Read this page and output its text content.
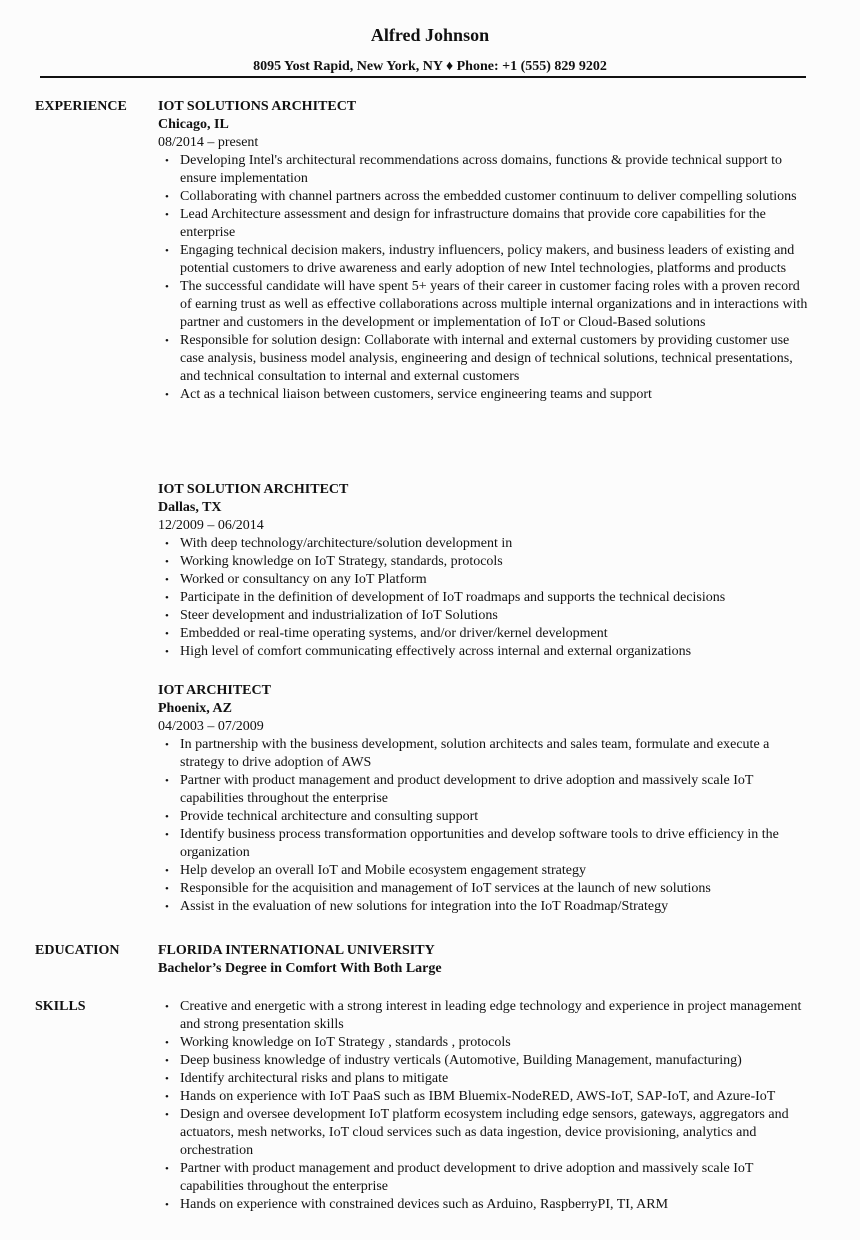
Alfred Johnson
8095 Yost Rapid, New York, NY ♦ Phone: +1 (555) 829 9202
EXPERIENCE
EDUCATION
SKILLS
IOT SOLUTIONS ARCHITECT
Chicago, IL
08/2014 – present
• Developing Intel's architectural recommendations across domains, functions & provide technical support to ensure implementation
• Collaborating with channel partners across the embedded customer continuum to deliver compelling solutions
• Lead Architecture assessment and design for infrastructure domains that provide core capabilities for the enterprise
• Engaging technical decision makers, industry influencers, policy makers, and business leaders of existing and potential customers to drive awareness and early adoption of new Intel technologies, platforms and products
• The successful candidate will have spent 5+ years of their career in customer facing roles with a proven record of earning trust as well as effective collaborations across multiple internal organizations and in interactions with partner and customers in the development or implementation of IoT or Cloud-Based solutions
• Responsible for solution design: Collaborate with internal and external customers by providing customer use case analysis, business model analysis, engineering and design of technical solutions, technical presentations, and technical consultation to internal and external customers
• Act as a technical liaison between customers, service engineering teams and support
IOT SOLUTION ARCHITECT
Dallas, TX
12/2009 – 06/2014
• With deep technology/architecture/solution development in
• Working knowledge on IoT Strategy, standards, protocols
• Worked or consultancy on any IoT Platform
• Participate in the definition of development of IoT roadmaps and supports the technical decisions
• Steer development and industrialization of IoT Solutions
• Embedded or real-time operating systems, and/or driver/kernel development
• High level of comfort communicating effectively across internal and external organizations
IOT ARCHITECT
Phoenix, AZ
04/2003 – 07/2009
• In partnership with the business development, solution architects and sales team, formulate and execute a strategy to drive adoption of AWS
• Partner with product management and product development to drive adoption and massively scale IoT capabilities throughout the enterprise
• Provide technical architecture and consulting support
• Identify business process transformation opportunities and develop software tools to drive efficiency in the organization
• Help develop an overall IoT and Mobile ecosystem engagement strategy
• Responsible for the acquisition and management of IoT services at the launch of new solutions
• Assist in the evaluation of new solutions for integration into the IoT Roadmap/Strategy
FLORIDA INTERNATIONAL UNIVERSITY
Bachelor’s Degree in Comfort With Both Large
• Creative and energetic with a strong interest in leading edge technology and experience in project management and strong presentation skills
• Working knowledge on IoT Strategy , standards , protocols
• Deep business knowledge of industry verticals (Automotive, Building Management, manufacturing)
• Identify architectural risks and plans to mitigate
• Hands on experience with IoT PaaS such as IBM Bluemix-NodeRED, AWS-IoT, SAP-IoT, and Azure-IoT
• Design and oversee development IoT platform ecosystem including edge sensors, gateways, aggregators and actuators, mesh networks, IoT cloud services such as data ingestion, device provisioning, analytics and orchestration
• Partner with product management and product development to drive adoption and massively scale IoT capabilities throughout the enterprise
• Hands on experience with constrained devices such as Arduino, RaspberryPI, TI, ARM
